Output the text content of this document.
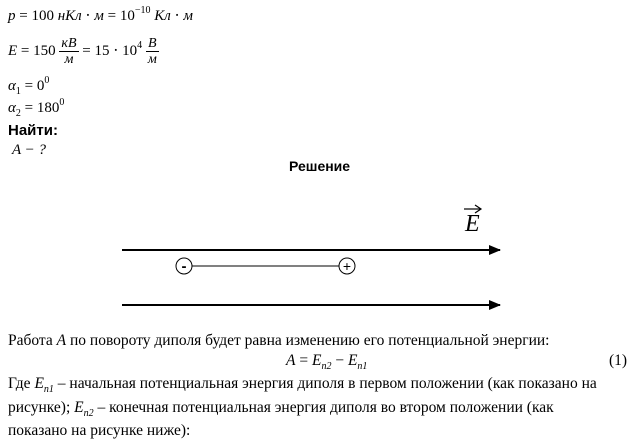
p = 100 нКл ⋅ $м = 10^{-10}$ Кл ⋅ м
$E = 150 \frac{кВ}{м} = 15 \cdot 10^4 \frac{В}{м}$
$\alpha_1 = 0^0$
$\alpha_2 = 180^0$
Найти:
A − ?
Решение
E
-	+
Работа A по повороту диполя будет равна изменению его потенциальной энергии:
$A = E_{п2} - E_{п1}$	(1)
Где $E_{п1}$ – начальная потенциальная энергия диполя в первом положении (как показано на
рисунке); $E_{п2}$ – конечная потенциальная энергия диполя во втором положении (как
показано на рисунке ниже):
